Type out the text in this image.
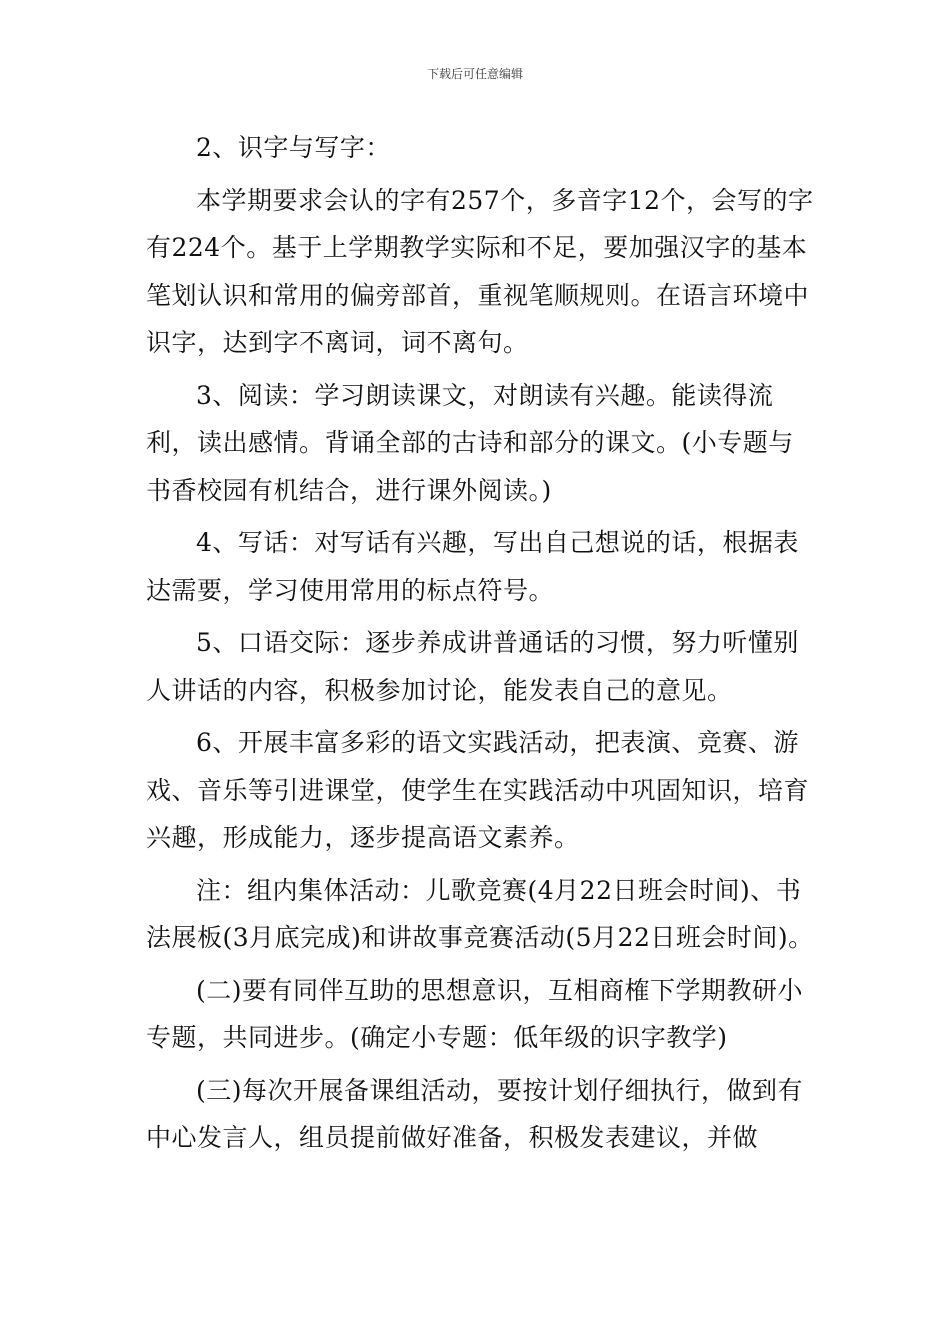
下载后可任意编辑

2、识字与写字：

本学期要求会认的字有257个，多音字12个，会写的字有224个。基于上学期教学实际和不足，要加强汉字的基本笔划认识和常用的偏旁部首，重视笔顺规则。在语言环境中识字，达到字不离词，词不离句。

3、阅读：学习朗读课文，对朗读有兴趣。能读得流利，读出感情。背诵全部的古诗和部分的课文。(小专题与书香校园有机结合，进行课外阅读。)

4、写话：对写话有兴趣，写出自己想说的话，根据表达需要，学习使用常用的标点符号。

5、口语交际：逐步养成讲普通话的习惯，努力听懂别人讲话的内容，积极参加讨论，能发表自己的意见。

6、开展丰富多彩的语文实践活动，把表演、竞赛、游戏、音乐等引进课堂，使学生在实践活动中巩固知识，培育兴趣，形成能力，逐步提高语文素养。

注：组内集体活动：儿歌竞赛(4月22日班会时间)、书法展板(3月底完成)和讲故事竞赛活动(5月22日班会时间)。

(二)要有同伴互助的思想意识，互相商榷下学期教研小专题，共同进步。(确定小专题：低年级的识字教学)

(三)每次开展备课组活动，要按计划仔细执行，做到有中心发言人，组员提前做好准备，积极发表建议，并做
